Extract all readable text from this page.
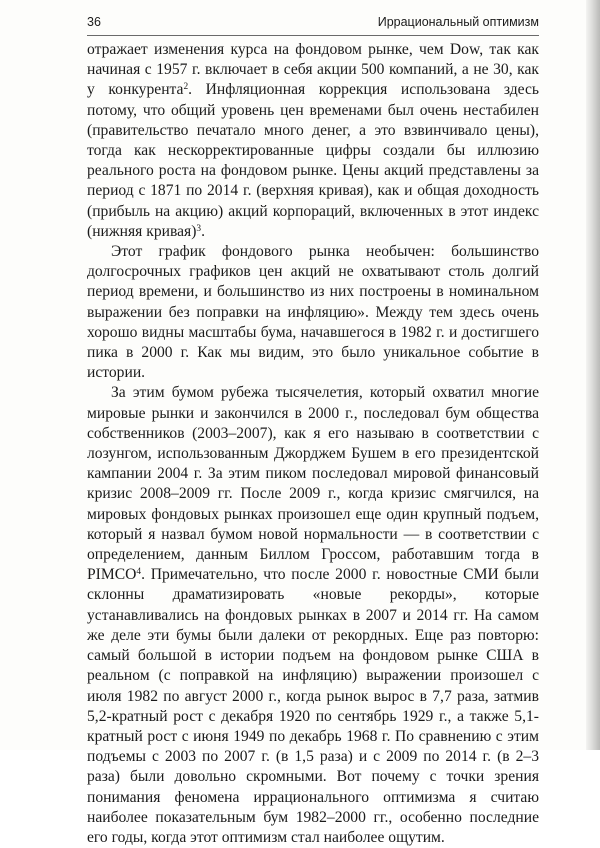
36	Иррациональный оптимизм

отражает изменения курса на фондовом рынке, чем Dow, так как начиная с 1957 г. включает в себя акции 500 компаний, а не 30, как у конкурента$^2$. Инфляционная коррекция использована здесь потому, что общий уровень цен временами был очень нестабилен (правительство печатало много денег, а это взвинчивало цены), тогда как нескорректированные цифры создали бы иллюзию реального роста на фондовом рынке. Цены акций представлены за период с 1871 по 2014 г. (верхняя кривая), как и общая доходность (прибыль на акцию) акций корпораций, включенных в этот индекс (нижняя кривая)$^3$.

Этот график фондового рынка необычен: большинство долгосрочных графиков цен акций не охватывают столь долгий период времени, и большинство из них построены в номинальном выражении без поправки на инфляцию». Между тем здесь очень хорошо видны масштабы бума, начавшегося в 1982 г. и достигшего пика в 2000 г. Как мы видим, это было уникальное событие в истории.

За этим бумом рубежа тысячелетия, который охватил многие мировые рынки и закончился в 2000 г., последовал бум общества собственников (2003–2007), как я его называю в соответствии с лозунгом, использованным Джорджем Бушем в его президентской кампании 2004 г. За этим пиком последовал мировой финансовый кризис 2008–2009 гг. После 2009 г., когда кризис смягчился, на мировых фондовых рынках произошел еще один крупный подъем, который я назвал бумом новой нормальности — в соответствии с определением, данным Биллом Гроссом, работавшим тогда в PIMCO$^4$. Примечательно, что после 2000 г. новостные СМИ были склонны драматизировать «новые рекорды», которые устанавливались на фондовых рынках в 2007 и 2014 гг. На самом же деле эти бумы были далеки от рекордных. Еще раз повторю: самый большой в истории подъем на фондовом рынке США в реальном (с поправкой на инфляцию) выражении произошел с июля 1982 по август 2000 г., когда рынок вырос в 7,7 раза, затмив 5,2-кратный рост с декабря 1920 по сентябрь 1929 г., а также 5,1-кратный рост с июня 1949 по декабрь 1968 г. По сравнению с этим подъемы с 2003 по 2007 г. (в 1,5 раза) и с 2009 по 2014 г. (в 2–3 раза) были довольно скромными. Вот почему с точки зрения понимания феномена иррационального оптимизма я считаю наиболее показательным бум 1982–2000 гг., особенно последние его годы, когда этот оптимизм стал наиболее ощутим.
